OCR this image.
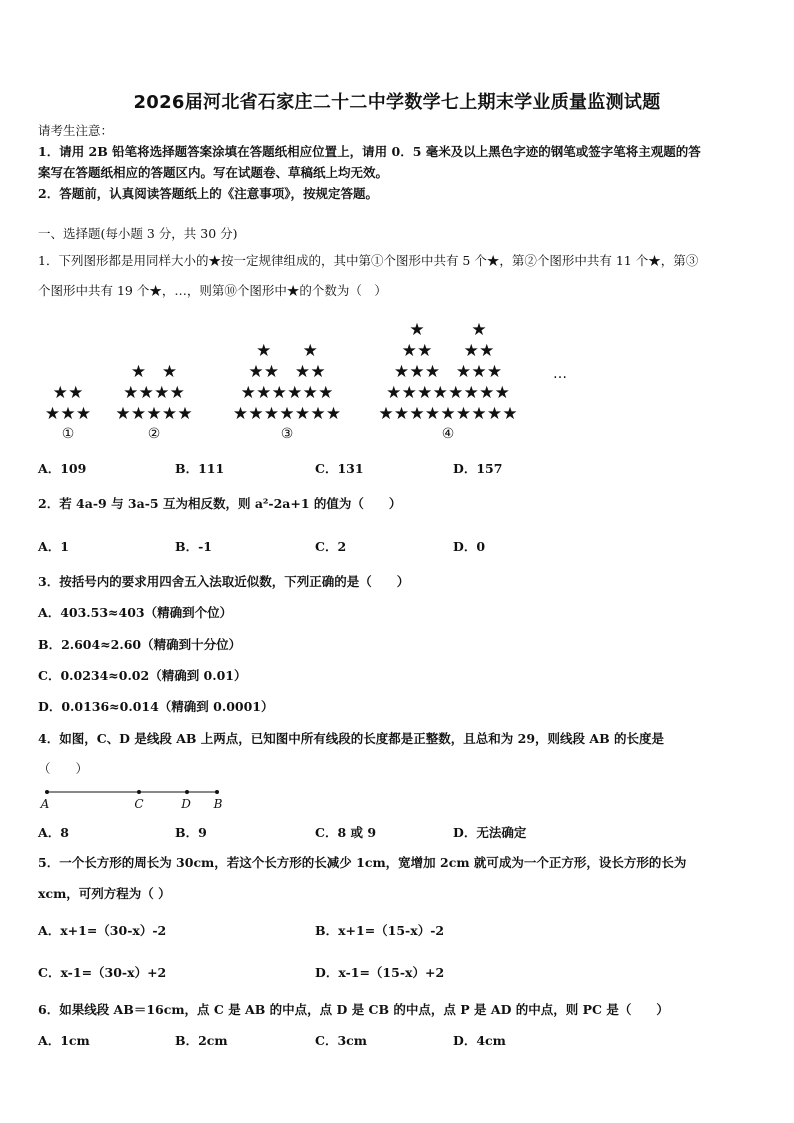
2026届河北省石家庄二十二中学数学七上期末学业质量监测试题
请考生注意：
1．请用 2B 铅笔将选择题答案涂填在答题纸相应位置上，请用 0．5 毫米及以上黑色字迹的钢笔或签字笔将主观题的答
案写在答题纸相应的答题区内。写在试题卷、草稿纸上均无效。
2．答题前，认真阅读答题纸上的《注意事项》，按规定答题。
一、选择题(每小题 3 分，共 30 分)
1．下列图形都是用同样大小的★按一定规律组成的，其中第①个图形中共有 5 个★，第②个图形中共有 11 个★，第③
个图形中共有 19 个★，…，则第⑩个图形中★的个数为（　）
★ ★ ★
★ ★
★ ★ ★ ★ ★
★ ★ ★ ★
★ ★
★ ★ ★ ★ ★ ★ ★
★ ★ ★ ★ ★ ★
★ ★
★ ★
★ ★
★ ★ ★ ★ ★ ★ ★ ★ ★
★ ★ ★ ★ ★ ★ ★ ★
★	★
★	★
★	★
★	★
★	★
★	★
①	②	③	④
…
A．109	B．111	C．131	D．157
2．若 4a-9 与 3a-5 互为相反数，则 a²-2a+1 的值为（　　）
A．1	B．-1	C．2	D．0
3．按括号内的要求用四舍五入法取近似数，下列正确的是（　　）
A．403.53≈403（精确到个位）
B．2.604≈2.60（精确到十分位）
C．0.0234≈0.02（精确到 0.01）
D．0.0136≈0.014（精确到 0.0001）
4．如图，C、D 是线段 AB 上两点，已知图中所有线段的长度都是正整数，且总和为 29，则线段 AB 的长度是
（　　）
A	C	D B
A．8	B．9	C．8 或 9	D．无法确定
5．一个长方形的周长为 30cm，若这个长方形的长减少 1cm，宽增加 2cm 就可成为一个正方形，设长方形的长为
xcm，可列方程为（ ）
A．x+1=（30-x）-2	B．x+1=（15-x）-2
C．x-1=（30-x）+2	D．x-1=（15-x）+2
6．如果线段 AB＝16cm，点 C 是 AB 的中点，点 D 是 CB 的中点，点 P 是 AD 的中点，则 PC 是（　　）
A．1cm	B．2cm	C．3cm	D．4cm
